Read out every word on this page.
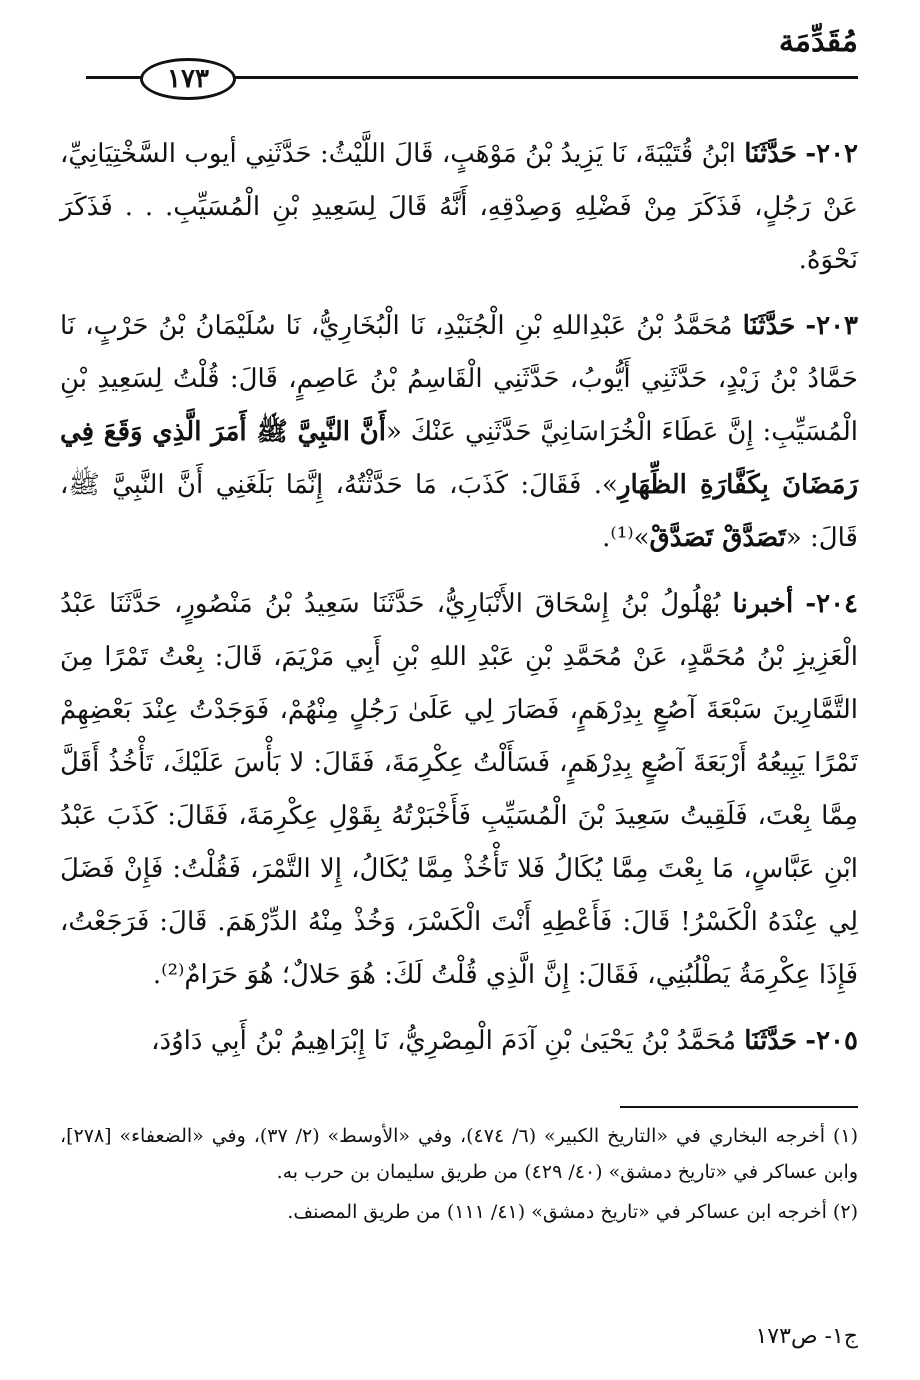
مُقَدِّمَة
١٧٣

٢٠٢- حَدَّثَنَا ابْنُ قُتَيْبَةَ، نَا يَزِيدُ بْنُ مَوْهَبٍ، قَالَ اللَّيْثُ: حَدَّثَنِي أيوب السَّخْتِيَانِيِّ، عَنْ رَجُلٍ، فَذَكَرَ مِنْ فَضْلِهِ وَصِدْقِهِ، أَنَّهُ قَالَ لِسَعِيدِ بْنِ الْمُسَيِّبِ. . . فَذَكَرَ نَحْوَهُ.

٢٠٣- حَدَّثَنَا مُحَمَّدُ بْنُ عَبْدِاللهِ بْنِ الْجُنَيْدِ، نَا الْبُخَارِيُّ، نَا سُلَيْمَانُ بْنُ حَرْبٍ، نَا حَمَّادُ بْنُ زَيْدٍ، حَدَّثَنِي أَيُّوبُ، حَدَّثَنِي الْقَاسِمُ بْنُ عَاصِمٍ، قَالَ: قُلْتُ لِسَعِيدِ بْنِ الْمُسَيِّبِ: إِنَّ عَطَاءَ الْخُرَاسَانِيَّ حَدَّثَنِي عَنْكَ «أَنَّ النَّبِيَّ ﷺ أَمَرَ الَّذِي وَقَعَ فِي رَمَضَانَ بِكَفَّارَةِ الظِّهَارِ». فَقَالَ: كَذَبَ، مَا حَدَّثْتُهُ، إِنَّمَا بَلَغَنِي أَنَّ النَّبِيَّ ﷺ، قَالَ: «تَصَدَّقْ تَصَدَّقْ»⁽¹⁾.

٢٠٤- أخبرنا بُهْلُولُ بْنُ إِسْحَاقَ الأَنْبَارِيُّ، حَدَّثَنَا سَعِيدُ بْنُ مَنْصُورٍ، حَدَّثَنَا عَبْدُ الْعَزِيزِ بْنُ مُحَمَّدٍ، عَنْ مُحَمَّدِ بْنِ عَبْدِ اللهِ بْنِ أَبِي مَرْيَمَ، قَالَ: بِعْتُ تَمْرًا مِنَ التَّمَّارِينَ سَبْعَةَ آصُعٍ بِدِرْهَمٍ، فَصَارَ لِي عَلَىٰ رَجُلٍ مِنْهُمْ، فَوَجَدْتُ عِنْدَ بَعْضِهِمْ تَمْرًا يَبِيعُهُ أَرْبَعَةَ آصُعٍ بِدِرْهَمٍ، فَسَأَلْتُ عِكْرِمَةَ، فَقَالَ: لا بَأْسَ عَلَيْكَ، تَأْخُذُ أَقَلَّ مِمَّا بِعْتَ، فَلَقِيتُ سَعِيدَ بْنَ الْمُسَيِّبِ فَأَخْبَرْتُهُ بِقَوْلِ عِكْرِمَةَ، فَقَالَ: كَذَبَ عَبْدُ ابْنِ عَبَّاسٍ، مَا بِعْتَ مِمَّا يُكَالُ فَلا تَأْخُذْ مِمَّا يُكَالُ، إِلا التَّمْرَ، فَقُلْتُ: فَإِنْ فَضَلَ لِي عِنْدَهُ الْكَسْرُ! قَالَ: فَأَعْطِهِ أَنْتَ الْكَسْرَ، وَخُذْ مِنْهُ الدِّرْهَمَ. قَالَ: فَرَجَعْتُ، فَإِذَا عِكْرِمَةُ يَطْلُبُنِي، فَقَالَ: إِنَّ الَّذِي قُلْتُ لَكَ: هُوَ حَلالٌ؛ هُوَ حَرَامٌ⁽²⁾.

٢٠٥- حَدَّثَنَا مُحَمَّدُ بْنُ يَحْيَىٰ بْنِ آدَمَ الْمِصْرِيُّ، نَا إِبْرَاهِيمُ بْنُ أَبِي دَاوُدَ،

(١) أخرجه البخاري في «التاريخ الكبير» (٦/ ٤٧٤)، وفي «الأوسط» (٢/ ٣٧)، وفي «الضعفاء» [٢٧٨]، وابن عساكر في «تاريخ دمشق» (٤٠/ ٤٢٩) من طريق سليمان بن حرب به.

(٢) أخرجه ابن عساكر في «تاريخ دمشق» (٤١/ ١١١) من طريق المصنف.

ج١- ص١٧٣
